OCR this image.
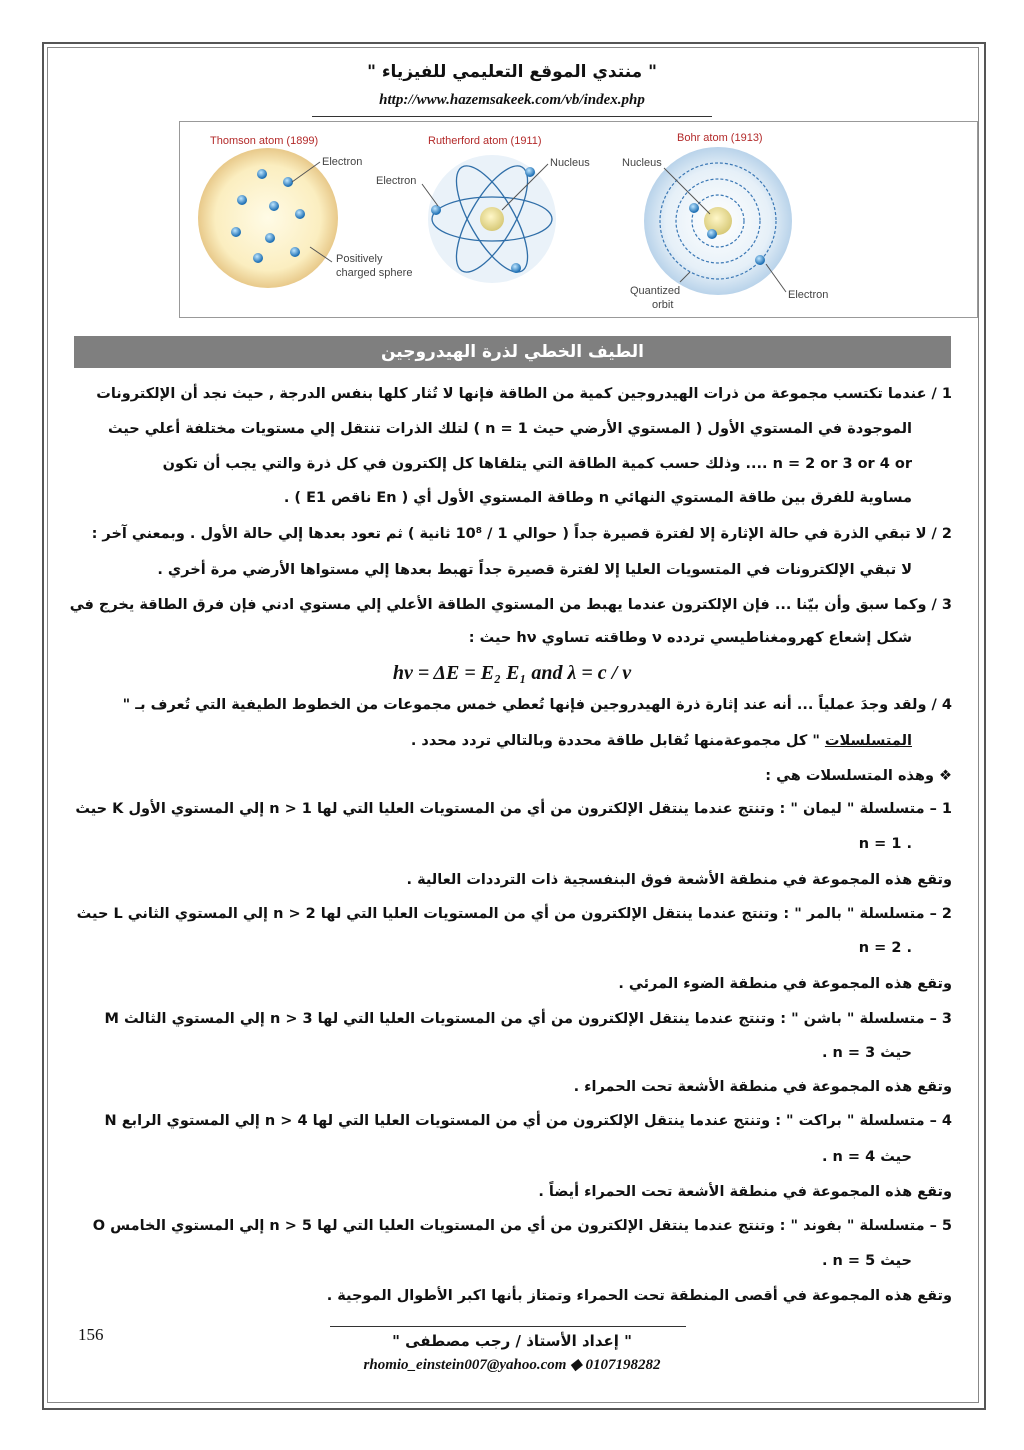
" منتدي الموقع التعليمي للفيزياء "
http://www.hazemsakeek.com/vb/index.php
Thomson atom (1899)
Electron
Positively
charged sphere
Rutherford atom (1911)
Nucleus
Electron
Bohr atom (1913)
Nucleus
Quantized
orbit
Electron
الطيف الخطي لذرة الهيدروجين
1 / عندما تكتسب مجموعة من ذرات الهيدروجين كمية من الطاقة فإنها لا تُثار كلها بنفس الدرجة , حيث نجد أن الإلكترونات
الموجودة في المستوي الأول ( المستوي الأرضي حيث n = 1 ) لتلك الذرات تنتقل إلي مستويات مختلفة أعلي حيث
n = 2 or 3 or 4 or .... وذلك حسب كمية الطاقة التي يتلقاها كل إلكترون في كل ذرة والتي يجب أن تكون
مساوية للفرق بين طاقة المستوي النهائي n وطاقة المستوي الأول أي ( En ناقص E1 ) .
2 / لا تبقي الذرة في حالة الإثارة إلا لفترة قصيرة جداً ( حوالي 1 / 10⁸ ثانية ) ثم تعود بعدها إلي حالة الأول . وبمعني آخر :
لا تبقي الإلكترونات في المتسويات العليا إلا لفترة قصيرة جداً تهبط بعدها إلي مستواها الأرضي مرة أخري .
3 / وكما سبق وأن بيّنا ... فإن الإلكترون عندما يهبط من المستوي الطاقة الأعلي إلي مستوي ادني فإن فرق الطاقة يخرج في
شكل إشعاع كهرومغناطيسي تردده ν وطاقته تساوي hν حيث :
hν = ΔE = E₂ E₁ and λ = c / ν
4 / ولقد وجدَ عملياً ... أنه عند إثارة ذرة الهيدروجين فإنها تُعطي خمس مجموعات من الخطوط الطيفية التي تُعرف بـ "
المتسلسلات " كل مجموعةمنها تُقابل طاقة محددة وبالتالي تردد محدد .
❖ وهذه المتسلسلات هي :
1 – متسلسلة " ليمان " : وتنتج عندما ينتقل الإلكترون من أي من المستويات العليا التي لها n > 1 إلي المستوي الأول K حيث
. n = 1
وتقع هذه المجموعة في منطقة الأشعة فوق البنفسجية ذات الترددات العالية .
2 – متسلسلة " بالمر " : وتنتج عندما ينتقل الإلكترون من أي من المستويات العليا التي لها n > 2 إلي المستوي الثاني L حيث
. n = 2
وتقع هذه المجموعة في منطقة الضوء المرئي .
3 – متسلسلة " باشن " : وتنتج عندما ينتقل الإلكترون من أي من المستويات العليا التي لها n > 3 إلي المستوي الثالث M
حيث n = 3 .
وتقع هذه المجموعة في منطقة الأشعة تحت الحمراء .
4 – متسلسلة " براكت " : وتنتج عندما ينتقل الإلكترون من أي من المستويات العليا التي لها n > 4 إلي المستوي الرابع N
حيث n = 4 .
وتقع هذه المجموعة في منطقة الأشعة تحت الحمراء أيضاً .
5 – متسلسلة " بفوند " : وتنتج عندما ينتقل الإلكترون من أي من المستويات العليا التي لها n > 5 إلي المستوي الخامس O
حيث n = 5 .
وتقع هذه المجموعة في أقصى المنطقة تحت الحمراء وتمتاز بأنها اكبر الأطوال الموجية .
156	" إعداد الأستاذ / رجب مصطفى "
rhomio_einstein007@yahoo.com ◆ 0107198282
